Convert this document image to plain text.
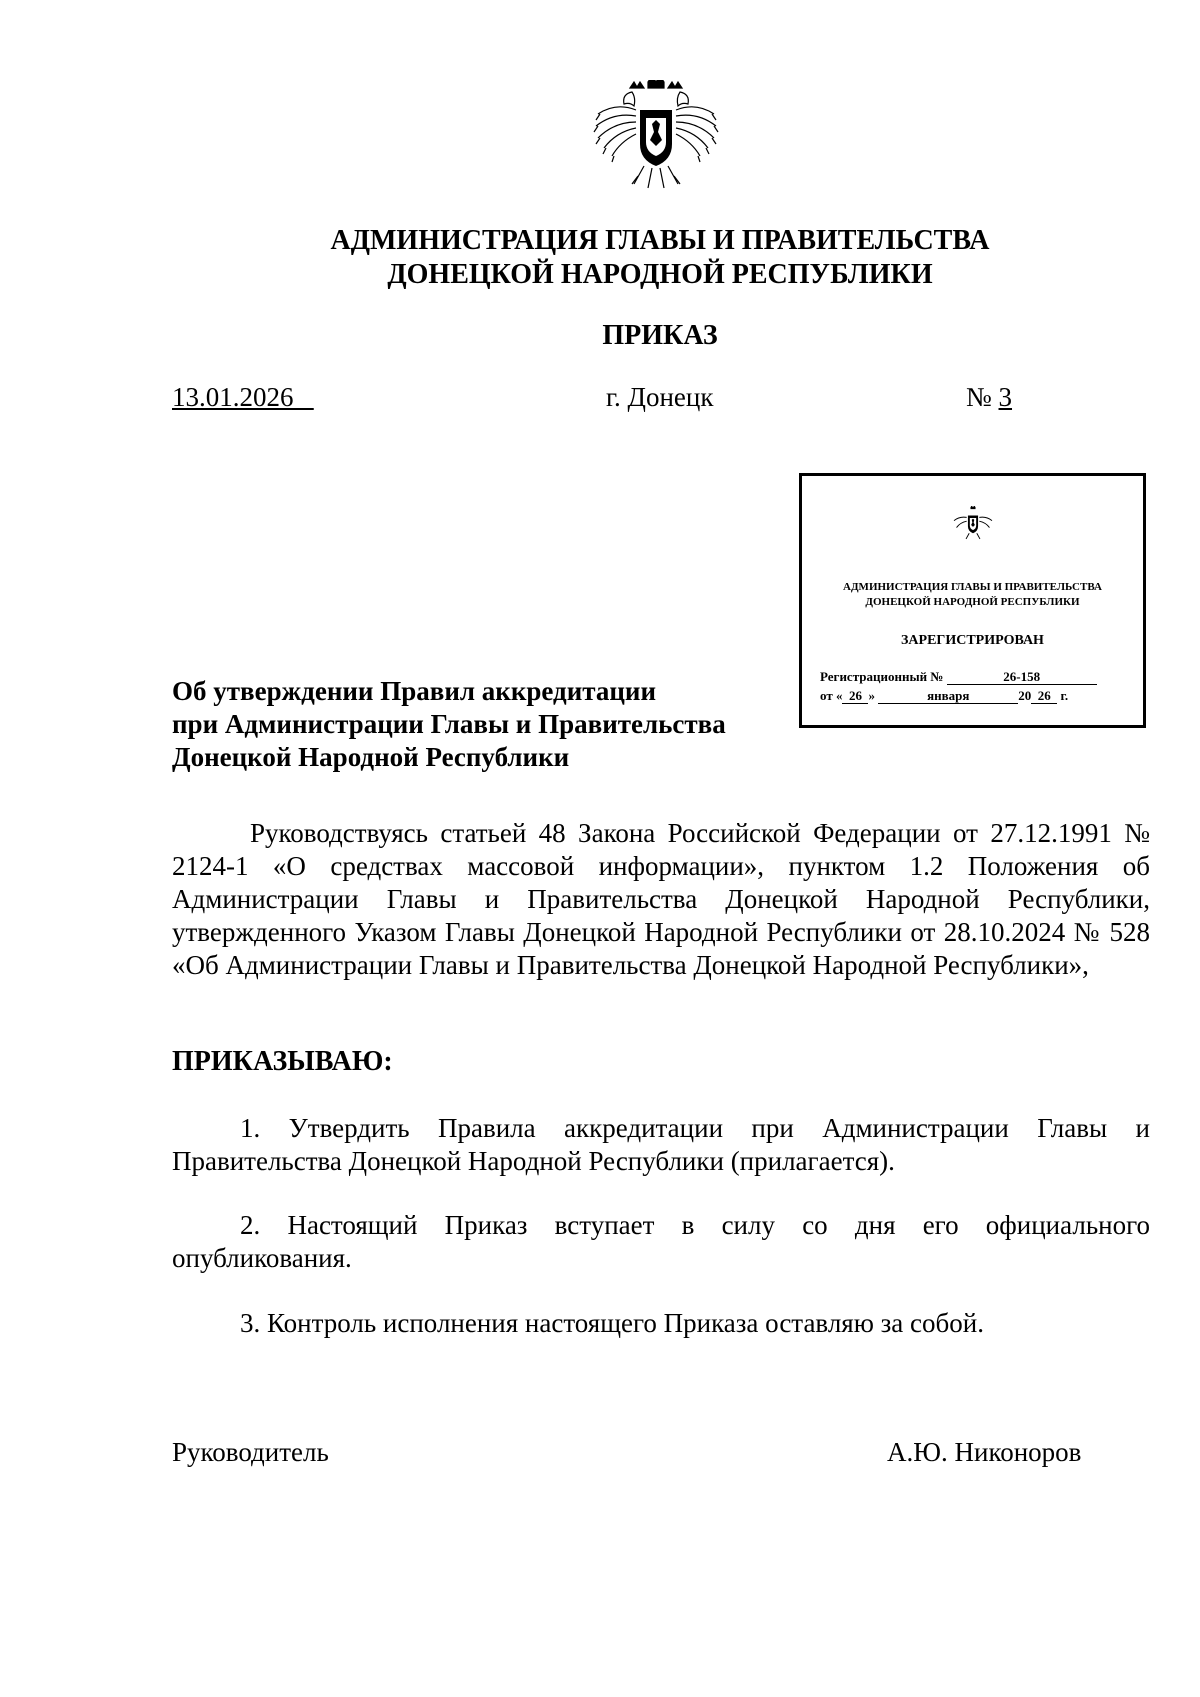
АДМИНИСТРАЦИЯ ГЛАВЫ И ПРАВИТЕЛЬСТВА
ДОНЕЦКОЙ НАРОДНОЙ РЕСПУБЛИКИ
ПРИКАЗ
13.01.2026	г. Донецк	№ 3
АДМИНИСТРАЦИЯ ГЛАВЫ И ПРАВИТЕЛЬСТВА
ДОНЕЦКОЙ НАРОДНОЙ РЕСПУБЛИКИ
ЗАРЕГИСТРИРОВАН
Регистрационный №	26-158
от « 26 »	января	20 26 г.
Об утверждении Правил аккредитации
при Администрации Главы и Правительства
Донецкой Народной Республики
Руководствуясь статьей 48 Закона Российской Федерации от 27.12.1991 № 2124-1 «О средствах массовой информации», пунктом 1.2 Положения об Администрации Главы и Правительства Донецкой Народной Республики, утвержденного Указом Главы Донецкой Народной Республики от 28.10.2024 № 528 «Об Администрации Главы и Правительства Донецкой Народной Республики»,
ПРИКАЗЫВАЮ:
1. Утвердить Правила аккредитации при Администрации Главы и Правительства Донецкой Народной Республики (прилагается).
2. Настоящий Приказ вступает в силу со дня его официального опубликования.
3. Контроль исполнения настоящего Приказа оставляю за собой.
Руководитель	А.Ю. Никоноров
